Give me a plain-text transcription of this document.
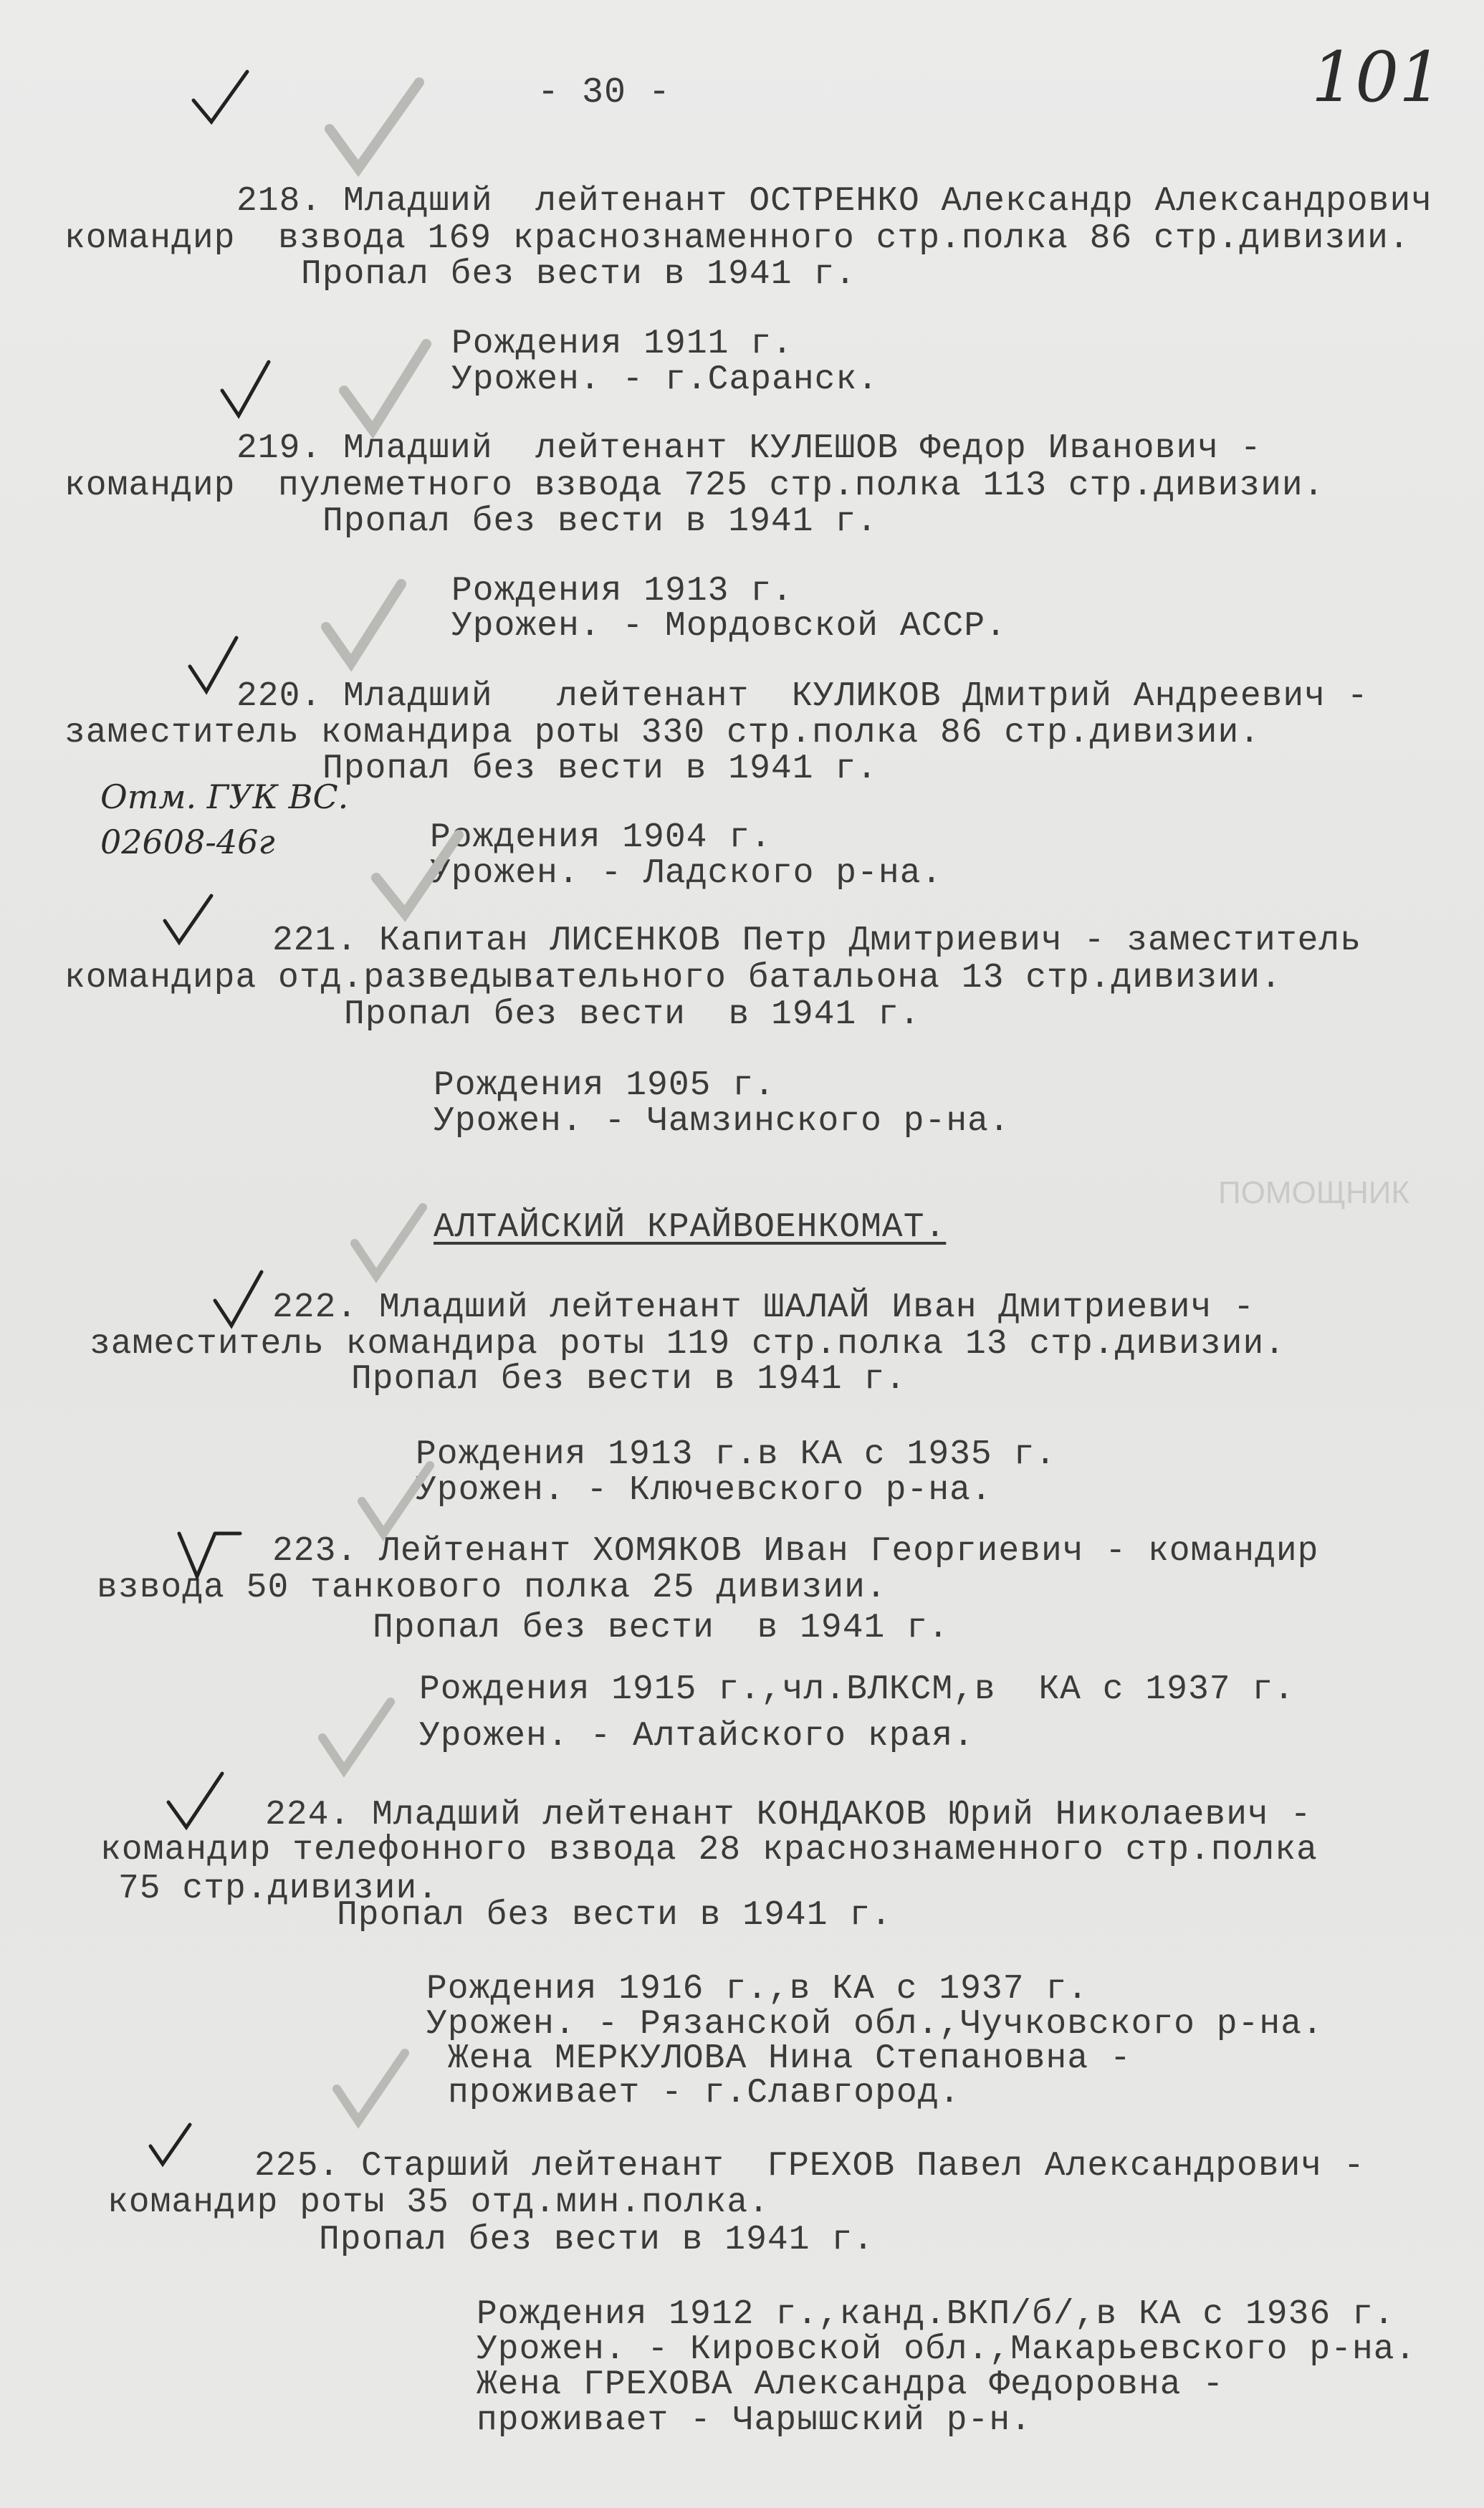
- 30 -	101
Отм. ГУК ВС.
02608-46г
ПОМОЩНИК
218. Младший  лейтенант ОСТРЕНКО Александр Александрович
командир  взвода 169 краснознаменного стр.полка 86 стр.дивизии.
Пропал без вести в 1941 г.
Рождения 1911 г.
Урожен. - г.Саранск.
219. Младший  лейтенант КУЛЕШОВ Федор Иванович -
командир  пулеметного взвода 725 стр.полка 113 стр.дивизии.
Пропал без вести в 1941 г.
Рождения 1913 г.
Урожен. - Мордовской АССР.
220. Младший   лейтенант  КУЛИКОВ Дмитрий Андреевич -
заместитель командира роты 330 стр.полка 86 стр.дивизии.
Пропал без вести в 1941 г.
Рождения 1904 г.
Урожен. - Ладского р-на.
221. Капитан ЛИСЕНКОВ Петр Дмитриевич - заместитель
командира отд.разведывательного батальона 13 стр.дивизии.
Пропал без вести  в 1941 г.
Рождения 1905 г.
Урожен. - Чамзинского р-на.
АЛТАЙСКИЙ КРАЙВОЕНКОМАТ.
222. Младший лейтенант ШАЛАЙ Иван Дмитриевич -
заместитель командира роты 119 стр.полка 13 стр.дивизии.
Пропал без вести в 1941 г.
Рождения 1913 г.в КА с 1935 г.
Урожен. - Ключевского р-на.
223. Лейтенант ХОМЯКОВ Иван Георгиевич - командир
взвода 50 танкового полка 25 дивизии.
Пропал без вести  в 1941 г.
Рождения 1915 г.,чл.ВЛКСМ,в  КА с 1937 г.
Урожен. - Алтайского края.
224. Младший лейтенант КОНДАКОВ Юрий Николаевич -
командир телефонного взвода 28 краснознаменного стр.полка
75 стр.дивизии.
Пропал без вести в 1941 г.
Рождения 1916 г.,в КА с 1937 г.
Урожен. - Рязанской обл.,Чучковского р-на.
Жена МЕРКУЛОВА Нина Степановна -
проживает - г.Славгород.
225. Старший лейтенант  ГРЕХОВ Павел Александрович -
командир роты 35 отд.мин.полка.
Пропал без вести в 1941 г.
Рождения 1912 г.,канд.ВКП/б/,в КА с 1936 г.
Урожен. - Кировской обл.,Макарьевского р-на.
Жена ГРЕХОВА Александра Федоровна -
проживает - Чарышский р-н.
